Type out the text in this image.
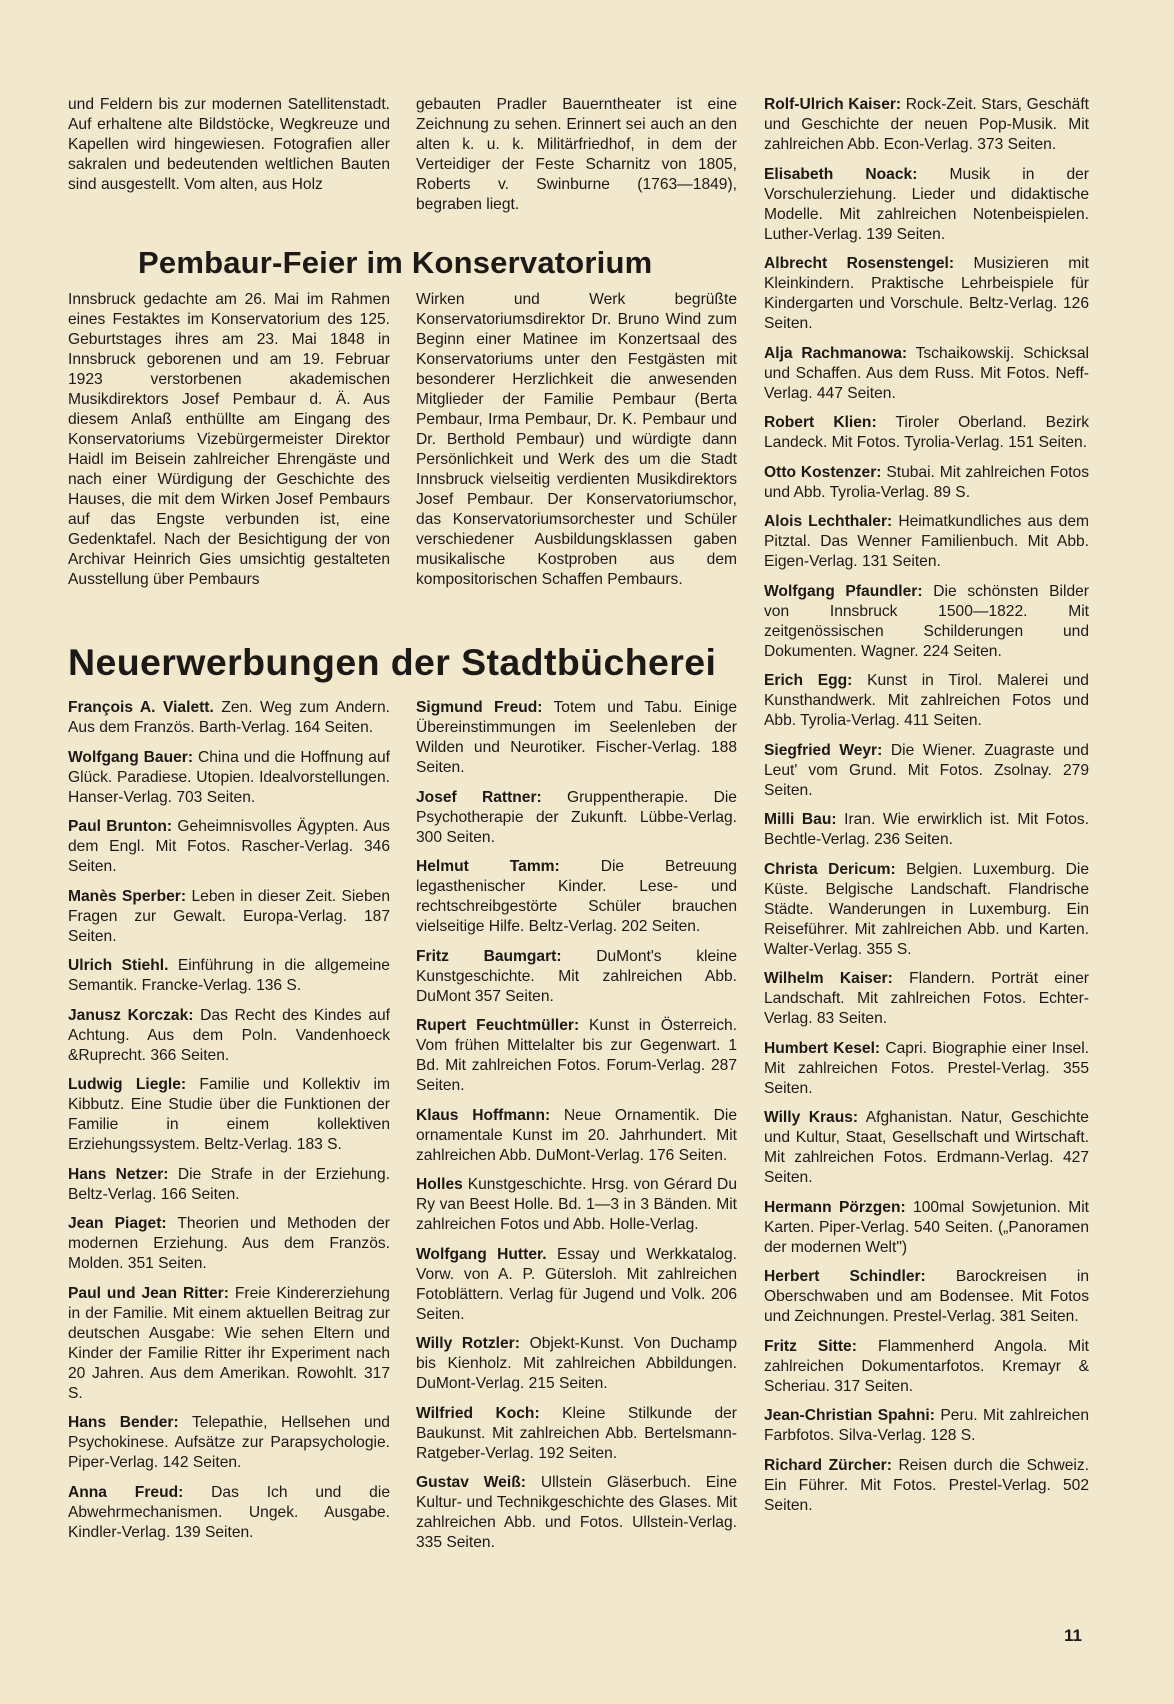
und Feldern bis zur modernen Satellitenstadt. Auf erhaltene alte Bildstöcke, Wegkreuze und Kapellen wird hingewiesen. Fotografien aller sakralen und bedeutenden weltlichen Bauten sind ausgestellt. Vom alten, aus Holz

gebauten Pradler Bauerntheater ist eine Zeichnung zu sehen. Erinnert sei auch an den alten k. u. k. Militärfriedhof, in dem der Verteidiger der Feste Scharnitz von 1805, Roberts v. Swinburne (1763—1849), begraben liegt.

Pembaur-Feier im Konservatorium

Innsbruck gedachte am 26. Mai im Rahmen eines Festaktes im Konservatorium des 125. Geburtstages ihres am 23. Mai 1848 in Innsbruck geborenen und am 19. Februar 1923 verstorbenen akademischen Musikdirektors Josef Pembaur d. Ä. Aus diesem Anlaß enthüllte am Eingang des Konservatoriums Vizebürgermeister Direktor Haidl im Beisein zahlreicher Ehrengäste und nach einer Würdigung der Geschichte des Hauses, die mit dem Wirken Josef Pembaurs auf das Engste verbunden ist, eine Gedenktafel. Nach der Besichtigung der von Archivar Heinrich Gies umsichtig gestalteten Ausstellung über Pembaurs

Wirken und Werk begrüßte Konservatoriumsdirektor Dr. Bruno Wind zum Beginn einer Matinee im Konzertsaal des Konservatoriums unter den Festgästen mit besonderer Herzlichkeit die anwesenden Mitglieder der Familie Pembaur (Berta Pembaur, Irma Pembaur, Dr. K. Pembaur und Dr. Berthold Pembaur) und würdigte dann Persönlichkeit und Werk des um die Stadt Innsbruck vielseitig verdienten Musikdirektors Josef Pembaur. Der Konservatoriumschor, das Konservatoriumsorchester und Schüler verschiedener Ausbildungsklassen gaben musikalische Kostproben aus dem kompositorischen Schaffen Pembaurs.

Rolf-Ulrich Kaiser: Rock-Zeit. Stars, Geschäft und Geschichte der neuen Pop-Musik. Mit zahlreichen Abb. Econ-Verlag. 373 Seiten.

Elisabeth Noack: Musik in der Vorschulerziehung. Lieder und didaktische Modelle. Mit zahlreichen Notenbeispielen. Luther-Verlag. 139 Seiten.

Albrecht Rosenstengel: Musizieren mit Kleinkindern. Praktische Lehrbeispiele für Kindergarten und Vorschule. Beltz-Verlag. 126 Seiten.

Alja Rachmanowa: Tschaikowskij. Schicksal und Schaffen. Aus dem Russ. Mit Fotos. Neff-Verlag. 447 Seiten.

Robert Klien: Tiroler Oberland. Bezirk Landeck. Mit Fotos. Tyrolia-Verlag. 151 Seiten.

Otto Kostenzer: Stubai. Mit zahlreichen Fotos und Abb. Tyrolia-Verlag. 89 S.

Alois Lechthaler: Heimatkundliches aus dem Pitztal. Das Wenner Familienbuch. Mit Abb. Eigen-Verlag. 131 Seiten.

Wolfgang Pfaundler: Die schönsten Bilder von Innsbruck 1500—1822. Mit zeitgenössischen Schilderungen und Dokumenten. Wagner. 224 Seiten.

Erich Egg: Kunst in Tirol. Malerei und Kunsthandwerk. Mit zahlreichen Fotos und Abb. Tyrolia-Verlag. 411 Seiten.

Siegfried Weyr: Die Wiener. Zuagraste und Leut' vom Grund. Mit Fotos. Zsolnay. 279 Seiten.

Milli Bau: Iran. Wie erwirklich ist. Mit Fotos. Bechtle-Verlag. 236 Seiten.

Christa Dericum: Belgien. Luxemburg. Die Küste. Belgische Landschaft. Flandrische Städte. Wanderungen in Luxemburg. Ein Reiseführer. Mit zahlreichen Abb. und Karten. Walter-Verlag. 355 S.

Wilhelm Kaiser: Flandern. Porträt einer Landschaft. Mit zahlreichen Fotos. Echter-Verlag. 83 Seiten.

Humbert Kesel: Capri. Biographie einer Insel. Mit zahlreichen Fotos. Prestel-Verlag. 355 Seiten.

Willy Kraus: Afghanistan. Natur, Geschichte und Kultur, Staat, Gesellschaft und Wirtschaft. Mit zahlreichen Fotos. Erdmann-Verlag. 427 Seiten.

Hermann Pörzgen: 100mal Sowjetunion. Mit Karten. Piper-Verlag. 540 Seiten. („Panoramen der modernen Welt")

Herbert Schindler: Barockreisen in Oberschwaben und am Bodensee. Mit Fotos und Zeichnungen. Prestel-Verlag. 381 Seiten.

Fritz Sitte: Flammenherd Angola. Mit zahlreichen Dokumentarfotos. Kremayr & Scheriau. 317 Seiten.

Jean-Christian Spahni: Peru. Mit zahlreichen Farbfotos. Silva-Verlag. 128 S.

Richard Zürcher: Reisen durch die Schweiz. Ein Führer. Mit Fotos. Prestel-Verlag. 502 Seiten.

Neuerwerbungen der Stadtbücherei

François A. Vialett. Zen. Weg zum Andern. Aus dem Französ. Barth-Verlag. 164 Seiten.

Wolfgang Bauer: China und die Hoffnung auf Glück. Paradiese. Utopien. Idealvorstellungen. Hanser-Verlag. 703 Seiten.

Paul Brunton: Geheimnisvolles Ägypten. Aus dem Engl. Mit Fotos. Rascher-Verlag. 346 Seiten.

Manès Sperber: Leben in dieser Zeit. Sieben Fragen zur Gewalt. Europa-Verlag. 187 Seiten.

Ulrich Stiehl. Einführung in die allgemeine Semantik. Francke-Verlag. 136 S.

Janusz Korczak: Das Recht des Kindes auf Achtung. Aus dem Poln. Vandenhoeck &Ruprecht. 366 Seiten.

Ludwig Liegle: Familie und Kollektiv im Kibbutz. Eine Studie über die Funktionen der Familie in einem kollektiven Erziehungssystem. Beltz-Verlag. 183 S.

Hans Netzer: Die Strafe in der Erziehung. Beltz-Verlag. 166 Seiten.

Jean Piaget: Theorien und Methoden der modernen Erziehung. Aus dem Französ. Molden. 351 Seiten.

Paul und Jean Ritter: Freie Kindererziehung in der Familie. Mit einem aktuellen Beitrag zur deutschen Ausgabe: Wie sehen Eltern und Kinder der Familie Ritter ihr Experiment nach 20 Jahren. Aus dem Amerikan. Rowohlt. 317 S.

Hans Bender: Telepathie, Hellsehen und Psychokinese. Aufsätze zur Parapsychologie. Piper-Verlag. 142 Seiten.

Anna Freud: Das Ich und die Abwehrmechanismen. Ungek. Ausgabe. Kindler-Verlag. 139 Seiten.

Sigmund Freud: Totem und Tabu. Einige Übereinstimmungen im Seelenleben der Wilden und Neurotiker. Fischer-Verlag. 188 Seiten.

Josef Rattner: Gruppentherapie. Die Psychotherapie der Zukunft. Lübbe-Verlag. 300 Seiten.

Helmut Tamm:	Die Betreuung legasthenischer Kinder. Lese- und rechtschreibgestörte Schüler brauchen vielseitige Hilfe. Beltz-Verlag. 202 Seiten.

Fritz Baumgart: DuMont's kleine Kunstgeschichte. Mit zahlreichen Abb. DuMont 357 Seiten.

Rupert Feuchtmüller: Kunst in Österreich. Vom frühen Mittelalter bis zur Gegenwart. 1 Bd. Mit zahlreichen Fotos. Forum-Verlag. 287 Seiten.

Klaus Hoffmann: Neue Ornamentik. Die ornamentale Kunst im 20. Jahrhundert. Mit zahlreichen Abb. DuMont-Verlag. 176 Seiten.

Holles Kunstgeschichte. Hrsg. von Gérard Du Ry van Beest Holle. Bd. 1—3 in 3 Bänden. Mit zahlreichen Fotos und Abb. Holle-Verlag.

Wolfgang Hutter. Essay und Werkkatalog. Vorw. von A. P. Gütersloh. Mit zahlreichen Fotoblättern. Verlag für Jugend und Volk. 206 Seiten.

Willy Rotzler: Objekt-Kunst. Von Duchamp bis Kienholz. Mit zahlreichen Abbildungen. DuMont-Verlag. 215 Seiten.

Wilfried Koch: Kleine Stilkunde der Baukunst. Mit zahlreichen Abb. Bertelsmann-Ratgeber-Verlag. 192 Seiten.

Gustav Weiß: Ullstein Gläserbuch. Eine Kultur- und Technikgeschichte des Glases. Mit zahlreichen Abb. und Fotos. Ullstein-Verlag. 335 Seiten.

11
